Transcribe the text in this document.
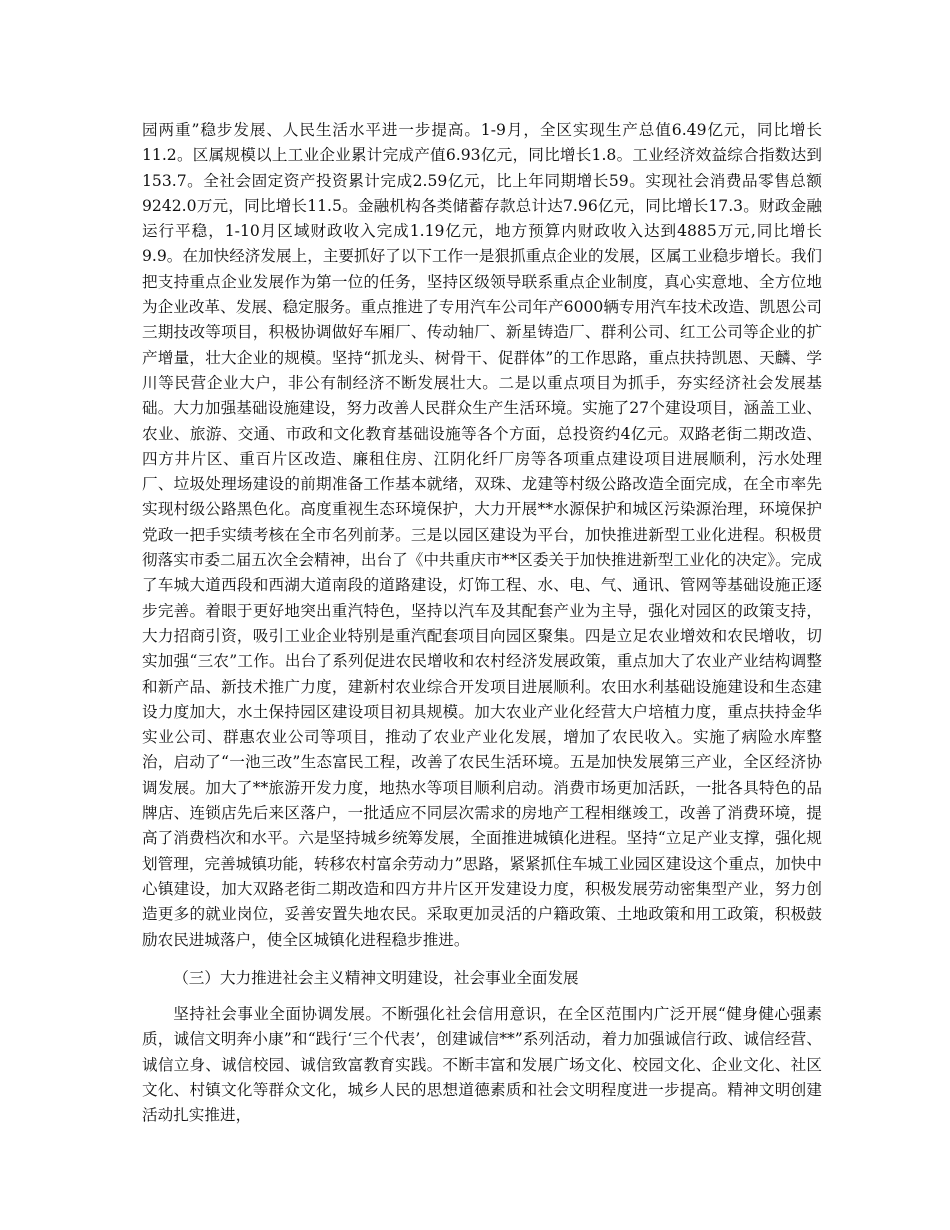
园两重”稳步发展、人民生活水平进一步提高。1-9月，全区实现生产总值6.49亿元，同比增长11.2。区属规模以上工业企业累计完成产值6.93亿元，同比增长1.8。工业经济效益综合指数达到153.7。全社会固定资产投资累计完成2.59亿元，比上年同期增长59。实现社会消费品零售总额9242.0万元，同比增长11.5。金融机构各类储蓄存款总计达7.96亿元，同比增长17.3。财政金融运行平稳，1-10月区域财政收入完成1.19亿元，地方预算内财政收入达到4885万元,同比增长9.9。在加快经济发展上，主要抓好了以下工作一是狠抓重点企业的发展，区属工业稳步增长。我们把支持重点企业发展作为第一位的任务，坚持区级领导联系重点企业制度，真心实意地、全方位地为企业改革、发展、稳定服务。重点推进了专用汽车公司年产6000辆专用汽车技术改造、凯恩公司三期技改等项目，积极协调做好车厢厂、传动轴厂、新星铸造厂、群利公司、红工公司等企业的扩产增量，壮大企业的规模。坚持“抓龙头、树骨干、促群体”的工作思路，重点扶持凯恩、天麟、学川等民营企业大户，非公有制经济不断发展壮大。二是以重点项目为抓手，夯实经济社会发展基础。大力加强基础设施建设，努力改善人民群众生产生活环境。实施了27个建设项目，涵盖工业、农业、旅游、交通、市政和文化教育基础设施等各个方面，总投资约4亿元。双路老街二期改造、四方井片区、重百片区改造、廉租住房、江阴化纤厂房等各项重点建设项目进展顺利，污水处理厂、垃圾处理场建设的前期准备工作基本就绪，双珠、龙建等村级公路改造全面完成，在全市率先实现村级公路黑色化。高度重视生态环境保护，大力开展**水源保护和城区污染源治理，环境保护党政一把手实绩考核在全市名列前茅。三是以园区建设为平台，加快推进新型工业化进程。积极贯彻落实市委二届五次全会精神，出台了《中共重庆市**区委关于加快推进新型工业化的决定》。完成了车城大道西段和西湖大道南段的道路建设，灯饰工程、水、电、气、通讯、管网等基础设施正逐步完善。着眼于更好地突出重汽特色，坚持以汽车及其配套产业为主导，强化对园区的政策支持，大力招商引资，吸引工业企业特别是重汽配套项目向园区聚集。四是立足农业增效和农民增收，切实加强“三农”工作。出台了系列促进农民增收和农村经济发展政策，重点加大了农业产业结构调整和新产品、新技术推广力度，建新村农业综合开发项目进展顺利。农田水利基础设施建设和生态建设力度加大，水土保持园区建设项目初具规模。加大农业产业化经营大户培植力度，重点扶持金华实业公司、群惠农业公司等项目，推动了农业产业化发展，增加了农民收入。实施了病险水库整治，启动了“一池三改”生态富民工程，改善了农民生活环境。五是加快发展第三产业，全区经济协调发展。加大了**旅游开发力度，地热水等项目顺利启动。消费市场更加活跃，一批各具特色的品牌店、连锁店先后来区落户，一批适应不同层次需求的房地产工程相继竣工，改善了消费环境，提高了消费档次和水平。六是坚持城乡统筹发展，全面推进城镇化进程。坚持“立足产业支撑，强化规划管理，完善城镇功能，转移农村富余劳动力”思路，紧紧抓住车城工业园区建设这个重点，加快中心镇建设，加大双路老街二期改造和四方井片区开发建设力度，积极发展劳动密集型产业，努力创造更多的就业岗位，妥善安置失地农民。采取更加灵活的户籍政策、土地政策和用工政策，积极鼓励农民进城落户，使全区城镇化进程稳步推进。

（三）大力推进社会主义精神文明建设，社会事业全面发展

坚持社会事业全面协调发展。不断强化社会信用意识，在全区范围内广泛开展“健身健心强素质，诚信文明奔小康”和“践行‘三个代表’，创建诚信**”系列活动，着力加强诚信行政、诚信经营、诚信立身、诚信校园、诚信致富教育实践。不断丰富和发展广场文化、校园文化、企业文化、社区文化、村镇文化等群众文化，城乡人民的思想道德素质和社会文明程度进一步提高。精神文明创建活动扎实推进，
